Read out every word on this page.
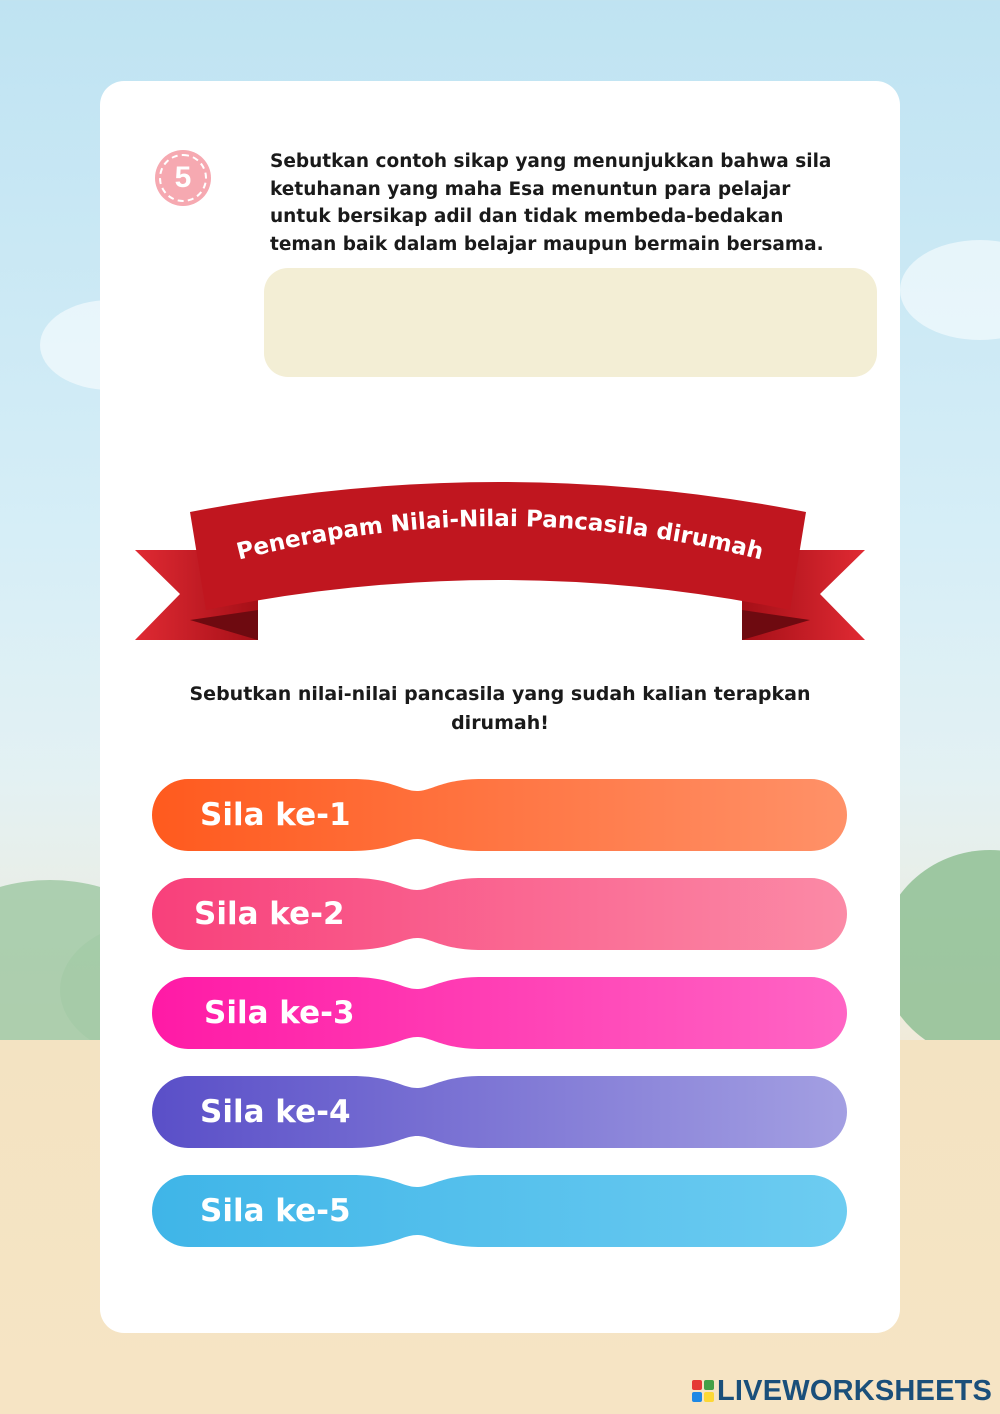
5	Sebutkan contoh sikap yang menunjukkan bahwa sila
ketuhanan yang maha Esa menuntun para pelajar
untuk bersikap adil dan tidak membeda-bedakan
teman baik dalam belajar maupun bermain bersama.
Penerapam Nilai-Nilai Pancasila dirumah
Sebutkan nilai-nilai pancasila yang sudah kalian terapkan
dirumah!
Sila ke-1
Sila ke-2
Sila ke-3
Sila ke-4
Sila ke-5
LIVEWORKSHEETS
